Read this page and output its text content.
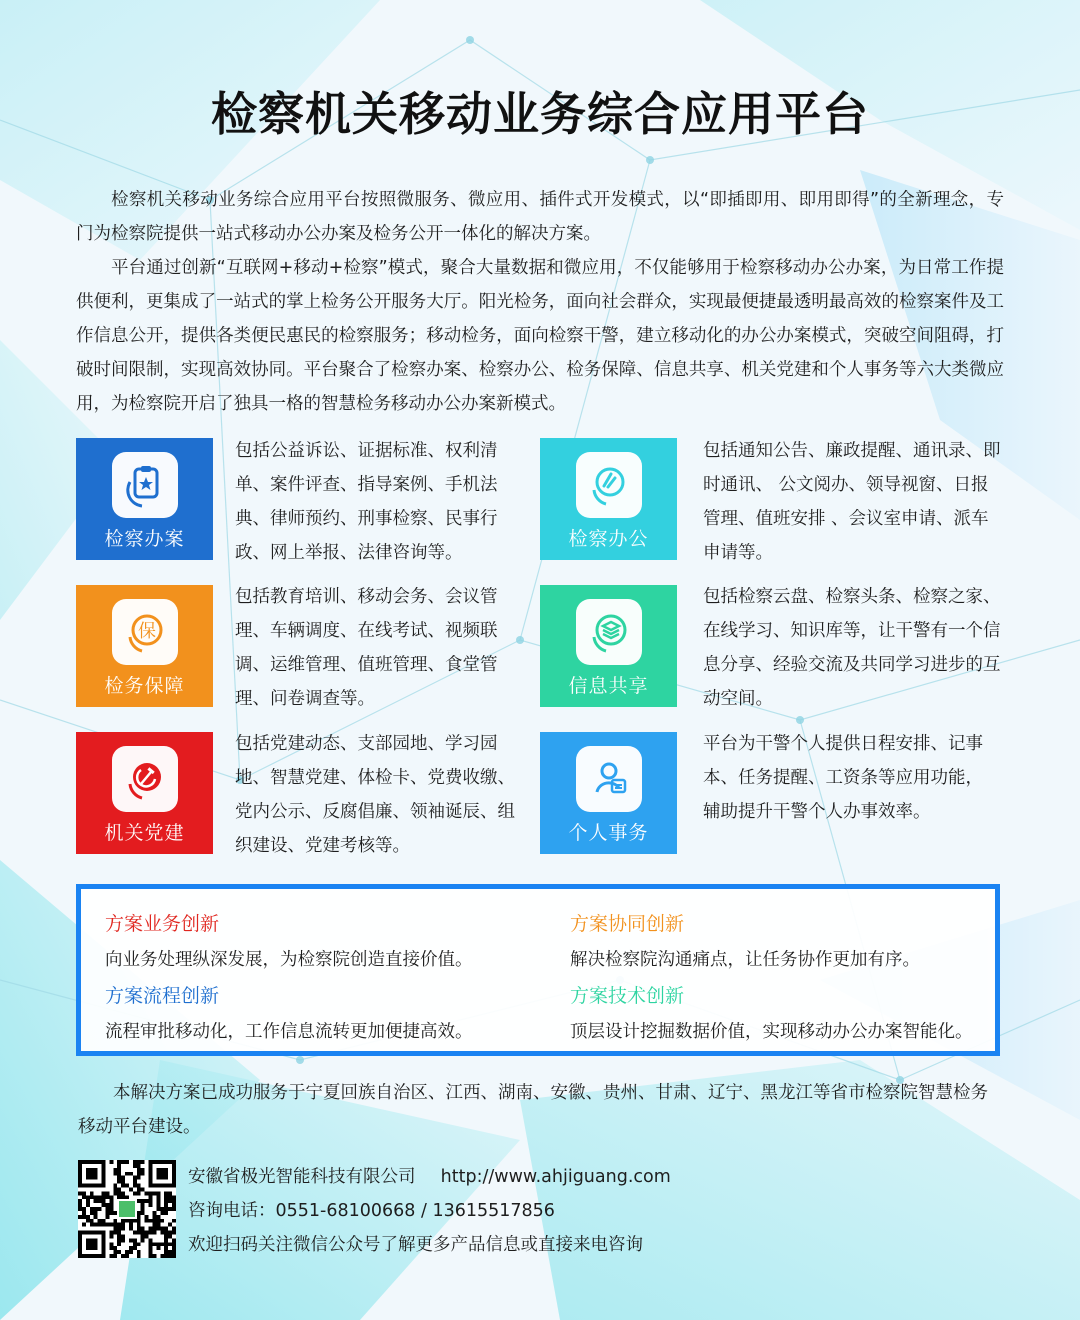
检察机关移动业务综合应用平台

检察机关移动业务综合应用平台按照微服务、微应用、插件式开发模式，以“即插即用、即用即得”的全新理念，专门为检察院提供一站式移动办公办案及检务公开一体化的解决方案。

平台通过创新“互联网+移动+检察”模式，聚合大量数据和微应用，不仅能够用于检察移动办公办案，为日常工作提供便利，更集成了一站式的掌上检务公开服务大厅。阳光检务，面向社会群众，实现最便捷最透明最高效的检察案件及工作信息公开，提供各类便民惠民的检察服务；移动检务，面向检察干警，建立移动化的办公办案模式，突破空间阻碍，打破时间限制，实现高效协同。平台聚合了检察办案、检察办公、检务保障、信息共享、机关党建和个人事务等六大类微应用，为检察院开启了独具一格的智慧检务移动办公办案新模式。

检察办案
包括公益诉讼、证据标准、权利清单、案件评查、指导案例、手机法典、律师预约、刑事检察、民事行政、网上举报、法律咨询等。
检察办公
包括通知公告、廉政提醒、通讯录、即时通讯、 公文阅办、领导视窗、日报管理、值班安排 、会议室申请、派车申请等。
保
检务保障
包括教育培训、移动会务、会议管理、车辆调度、在线考试、视频联调、运维管理、值班管理、食堂管理、问卷调查等。
信息共享
包括检察云盘、检察头条、检察之家、在线学习、知识库等，让干警有一个信息分享、经验交流及共同学习进步的互动空间。
机关党建
包括党建动态、支部园地、学习园地、智慧党建、体检卡、党费收缴、党内公示、反腐倡廉、领袖诞辰、组织建设、党建考核等。
个人事务
平台为干警个人提供日程安排、记事本、任务提醒、工资条等应用功能，辅助提升干警个人办事效率。
方案业务创新
向业务处理纵深发展，为检察院创造直接价值。
方案协同创新
解决检察院沟通痛点，让任务协作更加有序。
方案流程创新
流程审批移动化，工作信息流转更加便捷高效。
方案技术创新
顶层设计挖掘数据价值，实现移动办公办案智能化。

本解决方案已成功服务于宁夏回族自治区、江西、湖南、安徽、贵州、甘肃、辽宁、黑龙江等省市检察院智慧检务移动平台建设。

安徽省极光智能科技有限公司 http://www.ahjiguang.com
咨询电话：0551-68100668 / 13615517856
欢迎扫码关注微信公众号了解更多产品信息或直接来电咨询
